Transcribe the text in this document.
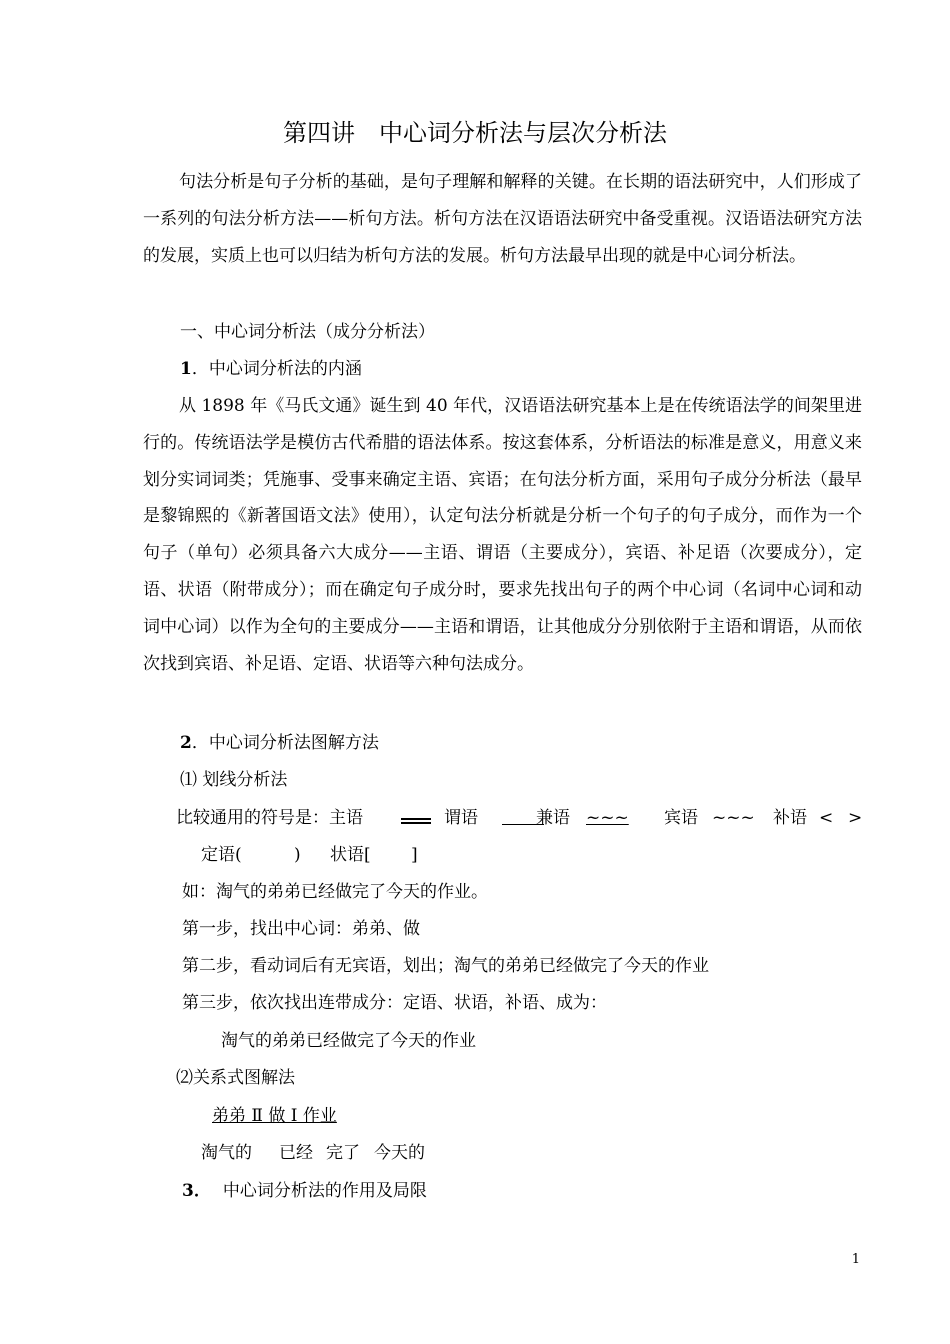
第四讲　中心词分析法与层次分析法

句法分析是句子分析的基础，是句子理解和解释的关键。在长期的语法研究中，人们形成了一系列的句法分析方法——析句方法。析句方法在汉语语法研究中备受重视。汉语语法研究方法的发展，实质上也可以归结为析句方法的发展。析句方法最早出现的就是中心词分析法。

一、中心词分析法（成分分析法）
1．中心词分析法的内涵

从 1898 年《马氏文通》诞生到 40 年代，汉语语法研究基本上是在传统语法学的间架里进行的。传统语法学是模仿古代希腊的语法体系。按这套体系，分析语法的标准是意义，用意义来划分实词词类；凭施事、受事来确定主语、宾语；在句法分析方面，采用句子成分分析法（最早是黎锦熙的《新著国语文法》使用），认定句法分析就是分析一个句子的句子成分，而作为一个句子（单句）必须具备六大成分——主语、谓语（主要成分），宾语、补足语（次要成分），定语、状语（附带成分）；而在确定句子成分时，要求先找出句子的两个中心词（名词中心词和动词中心词）以作为全句的主要成分——主语和谓语，让其他成分分别依附于主语和谓语，从而依次找到宾语、补足语、定语、状语等六种句法成分。

2．中心词分析法图解方法
⑴ 划线分析法
比较通用的符号是：主语	谓语	兼语 ~~~ 宾语 ~~~ 补语 < >
定语(	) 状语[ ]
如：淘气的弟弟已经做完了今天的作业。
第一步，找出中心词：弟弟、做
第二步，看动词后有无宾语，划出；淘气的弟弟已经做完了今天的作业
第三步，依次找出连带成分：定语、状语，补语、成为：
淘气的弟弟已经做完了今天的作业
⑵关系式图解法
弟弟 Ⅱ 做 Ⅰ 作业
淘气的 已经 完了 今天的
3． 中心词分析法的作用及局限
1
